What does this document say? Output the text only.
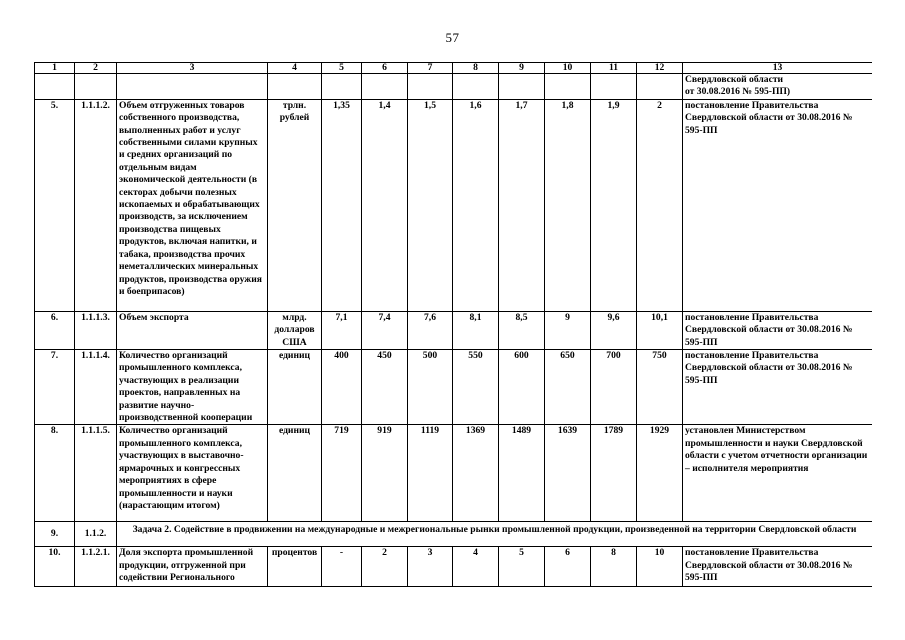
57
1	2	3	4	5	6	7	8	9	10	11	12	13
												Свердловской области
от 30.08.2016 № 595-ПП)
5.	1.1.1.2.	Объем отгруженных товаров собственного производства, выполненных работ и услуг собственными силами крупных и средних организаций по отдельным видам экономической деятельности (в секторах добычи полезных ископаемых и обрабатывающих производств, за исключением производства пищевых продуктов, включая напитки, и табака, производства прочих неметаллических минеральных продуктов, производства оружия и боеприпасов)	трлн. рублей	1,35	1,4	1,5	1,6	1,7	1,8	1,9	2	постановление Правительства Свердловской области от 30.08.2016 № 595-ПП
6.	1.1.1.3.	Объем экспорта	млрд. долларов США	7,1	7,4	7,6	8,1	8,5	9	9,6	10,1	постановление Правительства Свердловской области от 30.08.2016 № 595-ПП
7.	1.1.1.4.	Количество организаций промышленного комплекса, участвующих в реализации проектов, направленных на развитие научно-производственной кооперации	единиц	400	450	500	550	600	650	700	750	постановление Правительства Свердловской области от 30.08.2016 № 595-ПП
8.	1.1.1.5.	Количество организаций промышленного комплекса, участвующих в выставочно-ярмарочных и конгрессных мероприятиях в сфере промышленности и науки (нарастающим итогом)	единиц	719	919	1119	1369	1489	1639	1789	1929	установлен Министерством промышленности и науки Свердловской области с учетом отчетности организации – исполнителя мероприятия
9.	1.1.2.	Задача 2. Содействие в продвижении на международные и межрегиональные рынки промышленной продукции, произведенной на территории Свердловской области										
10.	1.1.2.1.	Доля экспорта промышленной продукции, отгруженной при содействии Регионального	процентов	-	2	3	4	5	6	8	10	постановление Правительства Свердловской области от 30.08.2016 № 595-ПП
